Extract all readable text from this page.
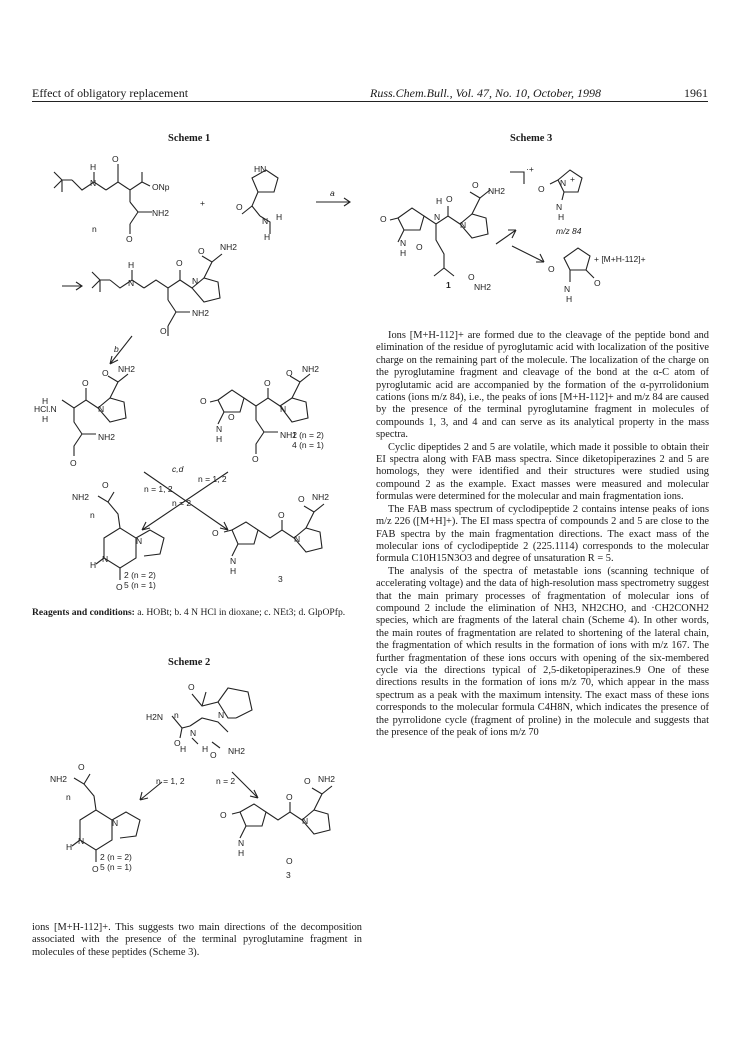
Effect of obligatory replacement	Russ.Chem.Bull., Vol. 47, No. 10, October, 1998	1961
Scheme 1
H
O
N	ONp
NH2
n
O
+	O
HN
N H
H
a
NH2
O
H	O
N	N
NH2
O
b
NH2
O
H
HCl.N
H
O
N
NH2
O
NH2
O
O
N
H
O
N
NH2
O
O
1 (n = 2)
4 (n = 1)
c,d
n = 1, 2
n = 1, 2
n = 2
NH2
O
n
H
N
N
O
2 (n = 2)
5 (n = 1)
O NH2
O
N
H
O
N
3
Reagents and conditions: a. HOBt; b. 4 N HCl in dioxane; c. NEt3; d. GlpOPfp.
Scheme 2
O
H2N n	N
O
H
N
H
O NH2
n = 1, 2	n = 2
NH2
O
n
H
N
N
O
2 (n = 2)
5 (n = 1)
O NH2
O
N
H
O
N
O
3

ions [M+H-112]+. This suggests two main directions of the decomposition associated with the presence of the terminal pyroglutamine fragment in molecules of these peptides (Scheme 3).

Scheme 3
·+
O
NH2
H O
N
N
O
N
H
O
1
O
NH2
N +
O
N
H
m/z 84
+ [M+H-112]+
O
N
H
O

Ions [M+H-112]+ are formed due to the cleavage of the peptide bond and elimination of the residue of pyroglutamic acid with localization of the positive charge on the remaining part of the molecule. The localization of the charge on the pyroglutamine fragment and cleavage of the bond at the α-C atom of pyroglutamic acid are accompanied by the formation of the α-pyrrolidonium cations (ions m/z 84), i.e., the peaks of ions [M+H-112]+ and m/z 84 are caused by the presence of the terminal pyroglutamine fragment in molecules of compounds 1, 3, and 4 and can serve as its analytical property in the mass spectra.

Cyclic dipeptides 2 and 5 are volatile, which made it possible to obtain their EI spectra along with FAB mass spectra. Since diketopiperazines 2 and 5 are homologs, they were identified and their structures were studied using compound 2 as the example. Exact masses were measured and molecular formulas were determined for the molecular and main fragmentation ions.

The FAB mass spectrum of cyclodipeptide 2 contains intense peaks of ions m/z 226 ([M+H]+). The EI mass spectra of compounds 2 and 5 are close to the FAB spectra by the main fragmentation directions. The exact mass of the molecular ions of cyclodipeptide 2 (225.1114) corresponds to the molecular formula C10H15N3O3 and degree of unsaturation R = 5.

The analysis of the spectra of metastable ions (scanning technique of accelerating voltage) and the data of high-resolution mass spectrometry suggest that the main primary processes of fragmentation of molecular ions of compound 2 include the elimination of NH3, NH2CHO, and ·CH2CONH2 species, which are fragments of the lateral chain (Scheme 4). In other words, the main routes of fragmentation are related to shortening of the lateral chain, the fragmentation of which results in the formation of ions with m/z 167. The further fragmentation of these ions occurs with opening of the six-membered cycle via the directions typical of 2,5-diketopiperazines.9 One of these directions results in the formation of ions m/z 70, which appear in the mass spectrum as a peak with the maximum intensity. The exact mass of these ions corresponds to the molecular formula C4H8N, which indicates the presence of the pyrrolidone cycle (fragment of proline) in the molecule and suggests that the presence of the peak of ions m/z 70
